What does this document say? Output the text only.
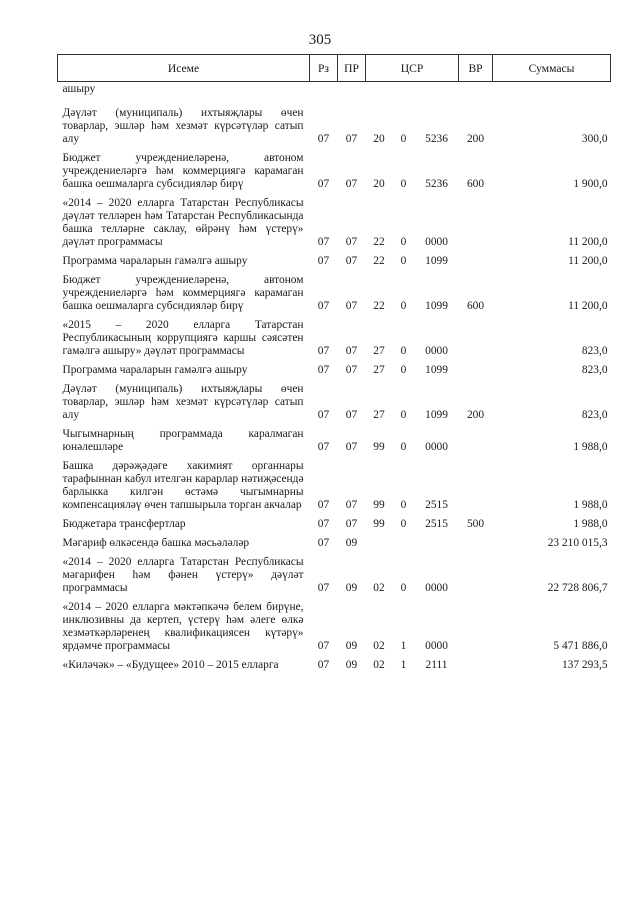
305
Исеме	Рз	ПР	ЦСР			ВР	Суммасы
ашыру							
Дәүләт (муниципаль) ихтыяҗлары өчен товарлар, эшләр һәм хезмәт күрсәтүләр сатып алу	07	07	20	0	5236	200	300,0
Бюджет учреждениеләренә, автоном учреждениеләргә һәм коммерциягә карамаган башка оешмаларга субсидияләр бирү	07	07	20	0	5236	600	1 900,0
«2014 – 2020 елларга Татарстан Республикасы дәүләт телләрен һәм Татарстан Республикасында башка телләрне саклау, өйрәнү һәм үстерү» дәүләт программасы	07	07	22	0	0000		11 200,0
Программа чараларын гамәлгә ашыру	07	07	22	0	1099		11 200,0
Бюджет учреждениеләренә, автоном учреждениеләргә һәм коммерциягә карамаган башка оешмаларга субсидияләр бирү	07	07	22	0	1099	600	11 200,0
«2015 – 2020 елларга Татарстан Республикасының коррупциягә каршы сәясәтен гамәлгә ашыру» дәүләт программасы	07	07	27	0	0000		823,0
Программа чараларын гамәлгә ашыру	07	07	27	0	1099		823,0
Дәүләт (муниципаль) ихтыяҗлары өчен товарлар, эшләр һәм хезмәт күрсәтүләр сатып алу	07	07	27	0	1099	200	823,0
Чыгымнарның программада каралмаган юнәлешләре	07	07	99	0	0000		1 988,0
Башка дәрәҗәдәге хакимият органнары тарафыннан кабул ителгән карарлар нәтиҗәсендә барлыкка килгән өстәмә чыгымнарны компенсацияләү өчен тапшырыла торган акчалар	07	07	99	0	2515		1 988,0
Бюджетара трансфертлар	07	07	99	0	2515	500	1 988,0
Мәгариф өлкәсендә башка мәсьәләләр	07	09					23 210 015,3
«2014 – 2020 елларга Татарстан Республикасы мәгарифен һәм фәнен үстерү» дәүләт программасы	07	09	02	0	0000		22 728 806,7
«2014 – 2020 елларга мәктәпкәчә белем бирүне, инклюзивны да кертеп, үстерү һәм әлеге өлкә хезмәткәрләренең квалификациясен күтәрү» ярдәмче программасы	07	09	02	1	0000		5 471 886,0
«Киләчәк» – «Будущее» 2010 – 2015 елларга	07	09	02	1	2111		137 293,5
